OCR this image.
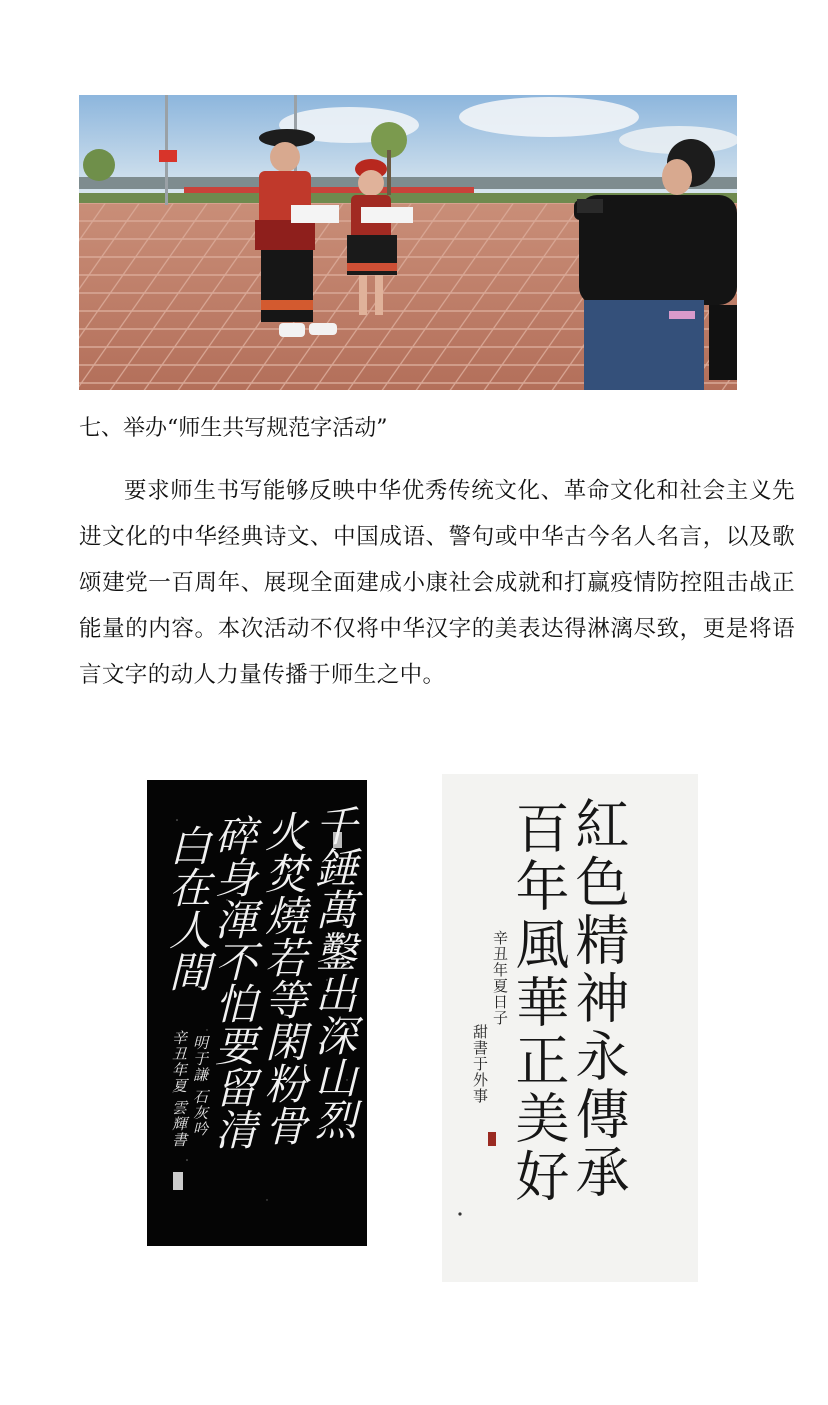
七、举办“师生共写规范字活动”
要求师生书写能够反映中华优秀传统文化、革命文化和社会主义先进文化的中华经典诗文、中国成语、警句或中华古今名人名言，以及歌颂建党一百周年、展现全面建成小康社会成就和打赢疫情防控阻击战正能量的内容。本次活动不仅将中华汉字的美表达得淋漓尽致，更是将语言文字的动人力量传播于师生之中。
千錘萬鑿出深山烈
火焚燒若等閑粉骨
碎身渾不怕要留清
白在人間
明于謙 石灰吟
辛丑年夏 雲輝書	紅色精神永傳承
百年風華正美好
辛丑年夏日子
甜書于外事
